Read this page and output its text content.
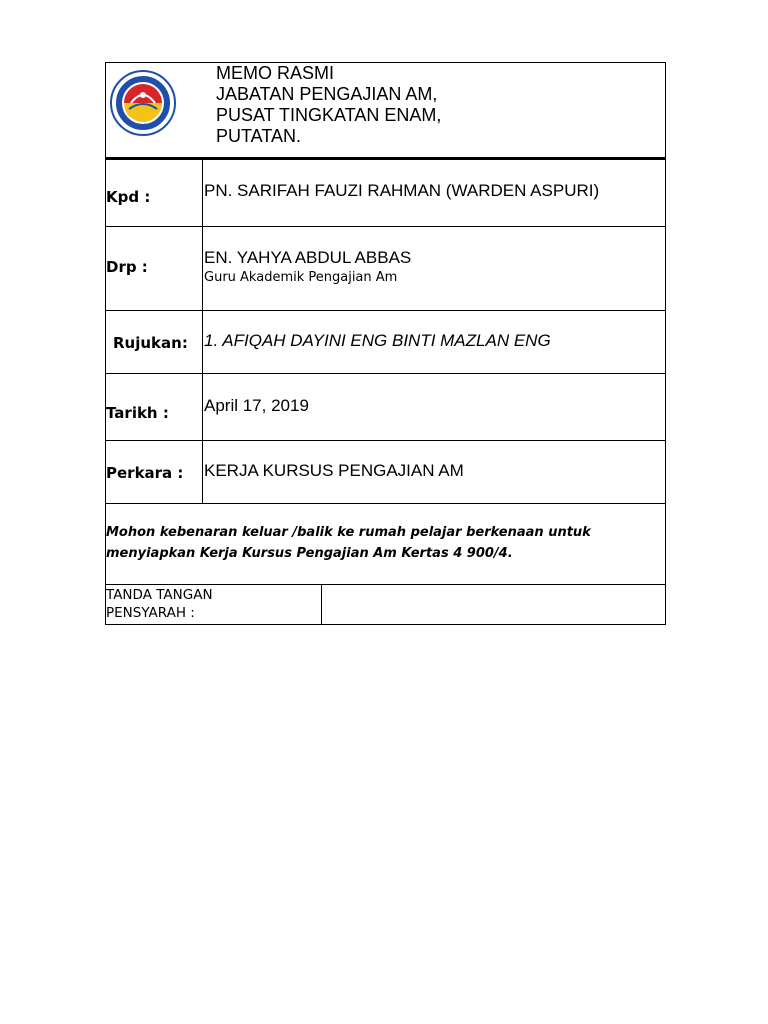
MEMO RASMI
JABATAN PENGAJIAN AM,
PUSAT TINGKATAN ENAM,
PUTATAN.
Kpd :	PN. SARIFAH FAUZI RAHMAN (WARDEN ASPURI)
Drp :	EN. YAHYA ABDUL ABBAS
Guru Akademik Pengajian Am
Rujukan: 1. AFIQAH DAYINI ENG BINTI MAZLAN ENG
Tarikh : April 17, 2019
Perkara : KERJA KURSUS PENGAJIAN AM
Mohon kebenaran keluar /balik ke rumah pelajar berkenaan untuk
menyiapkan Kerja Kursus Pengajian Am Kertas 4 900/4.
TANDA TANGAN
PENSYARAH :
